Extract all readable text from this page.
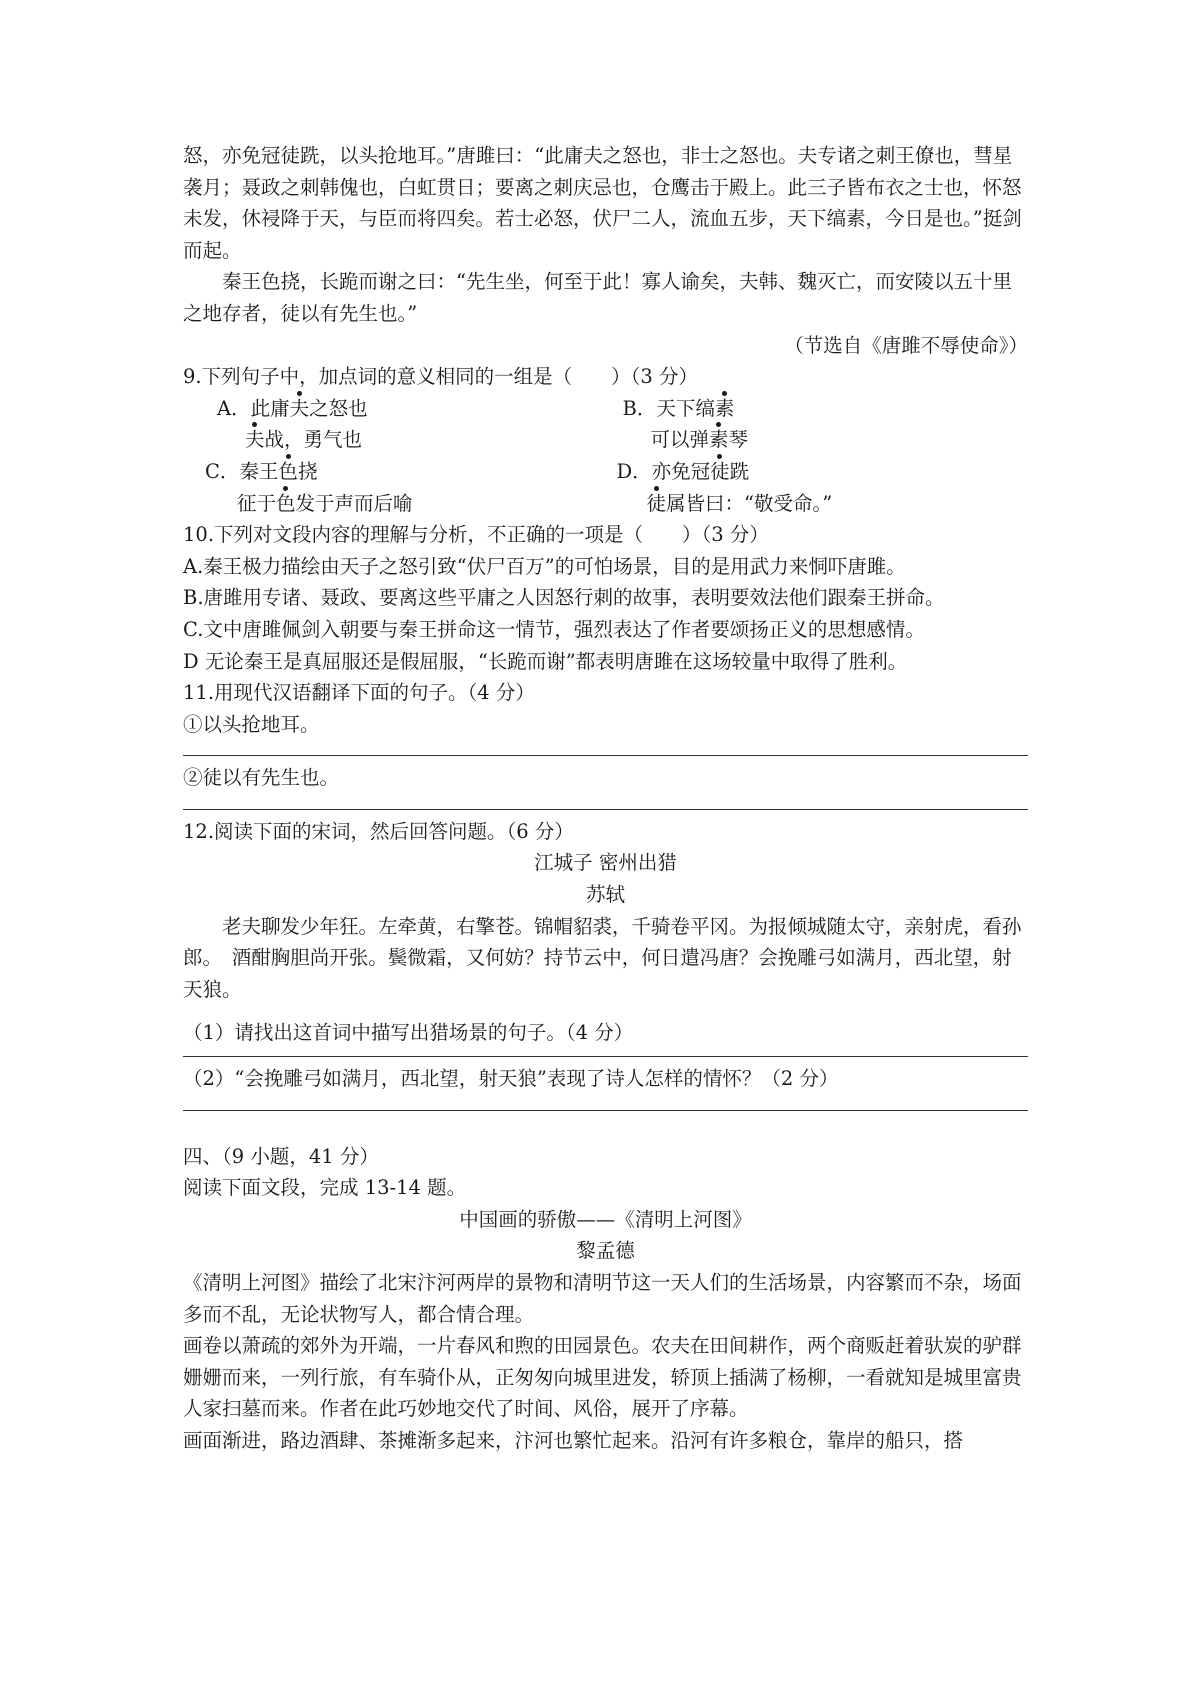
怒，亦免冠徒跣，以头抢地耳。”唐雎曰：“此庸夫之怒也，非士之怒也。夫专诸之刺王僚也，彗星袭月；聂政之刺韩傀也，白虹贯日；要离之刺庆忌也，仓鹰击于殿上。此三子皆布衣之士也，怀怒未发，休祲降于天，与臣而将四矣。若士必怒，伏尸二人，流血五步，天下缟素，今日是也。”挺剑而起。

秦王色挠，长跪而谢之曰：“先生坐，何至于此！寡人谕矣，夫韩、魏灭亡，而安陵以五十里之地存者，徒以有先生也。”

（节选自《唐雎不辱使命》）

9.下列句子中，加点词的意义相同的一组是（　　）（3 分）

A．此庸夫之怒也	B．天下缟素
夫战，勇气也	可以弹素琴
C．秦王色挠	D．亦免冠徒跣
征于色发于声而后喻	徒属皆曰：“敬受命。”

10.下列对文段内容的理解与分析，不正确的一项是（　　）（3 分）

A.秦王极力描绘由天子之怒引致“伏尸百万”的可怕场景，目的是用武力来恫吓唐雎。

B.唐雎用专诸、聂政、要离这些平庸之人因怒行刺的故事，表明要效法他们跟秦王拼命。

C.文中唐雎佩剑入朝要与秦王拼命这一情节，强烈表达了作者要颂扬正义的思想感情。

D 无论秦王是真屈服还是假屈服，“长跪而谢”都表明唐雎在这场较量中取得了胜利。

11.用现代汉语翻译下面的句子。（4 分）

①以头抢地耳。

②徒以有先生也。

12.阅读下面的宋词，然后回答问题。（6 分）

江城子 密州出猎

苏轼

老夫聊发少年狂。左牵黄，右擎苍。锦帽貂裘，千骑卷平冈。为报倾城随太守，亲射虎，看孙郎。　酒酣胸胆尚开张。鬓微霜，又何妨？持节云中，何日遣冯唐？会挽雕弓如满月，西北望，射天狼。

（1）请找出这首词中描写出猎场景的句子。（4 分）

（2）“会挽雕弓如满月，西北望，射天狼”表现了诗人怎样的情怀？（2 分）

四、（9 小题，41 分）

阅读下面文段，完成 13-14 题。

中国画的骄傲——《清明上河图》

黎孟德

《清明上河图》描绘了北宋汴河两岸的景物和清明节这一天人们的生活场景，内容繁而不杂，场面多而不乱，无论状物写人，都合情合理。

画卷以萧疏的郊外为开端，一片春风和煦的田园景色。农夫在田间耕作，两个商贩赶着驮炭的驴群姗姗而来，一列行旅，有车骑仆从，正匆匆向城里进发，轿顶上插满了杨柳，一看就知是城里富贵人家扫墓而来。作者在此巧妙地交代了时间、风俗，展开了序幕。

画面渐进，路边酒肆、茶摊渐多起来，汴河也繁忙起来。沿河有许多粮仓，靠岸的船只，搭
